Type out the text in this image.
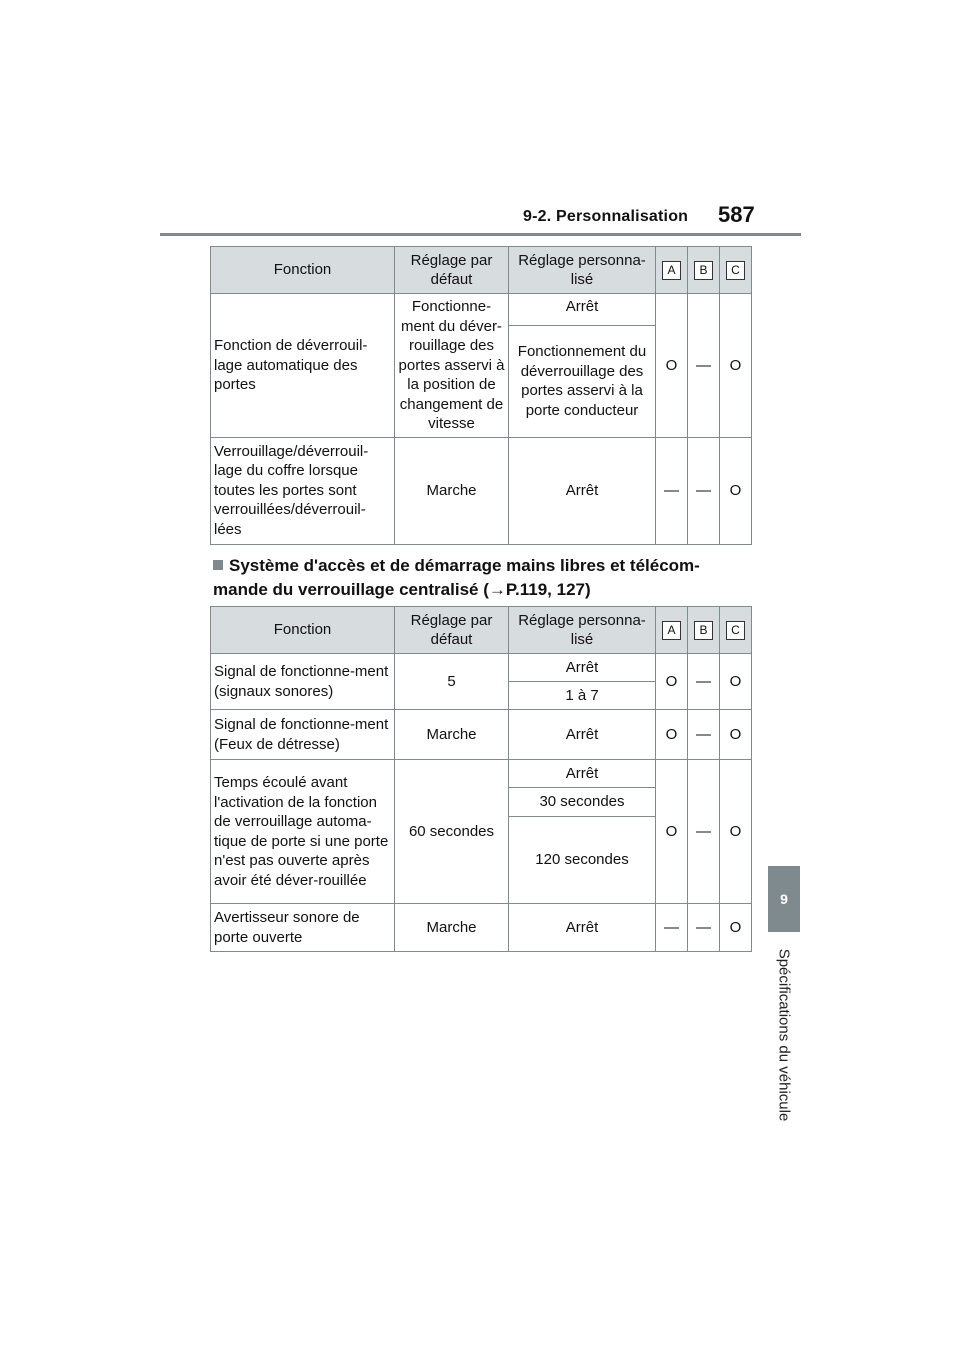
9-2. Personnalisation 587
9
Spécifications du véhicule
Fonction	Réglage par défaut	Réglage personna-lisé	A	B	C
Fonction de déverrouil-lage automatique des portes	Fonctionne-ment du déver-rouillage des portes asservi à la position de changement de vitesse	Arrêt	O	—	O
		Fonctionnement du déverrouillage des portes asservi à la porte conducteur			
Verrouillage/déverrouil-lage du coffre lorsque toutes les portes sont verrouillées/déverrouil-lées	Marche	Arrêt	—	—	O
Système d'accès et de démarrage mains libres et télécom-mande du verrouillage centralisé (→P.119, 127)
Fonction	Réglage par défaut	Réglage personna-lisé	A	B	C
Signal de fonctionne-ment (signaux sonores)	5	Arrêt	O	—	O
		1 à 7			
Signal de fonctionne-ment (Feux de détresse)	Marche	Arrêt	O	—	O
Temps écoulé avant l'activation de la fonction de verrouillage automa-tique de porte si une porte n'est pas ouverte après avoir été déver-rouillée	60 secondes	Arrêt	O	—	O
		30 secondes			
		120 secondes			
Avertisseur sonore de porte ouverte	Marche	Arrêt	—	—	O
